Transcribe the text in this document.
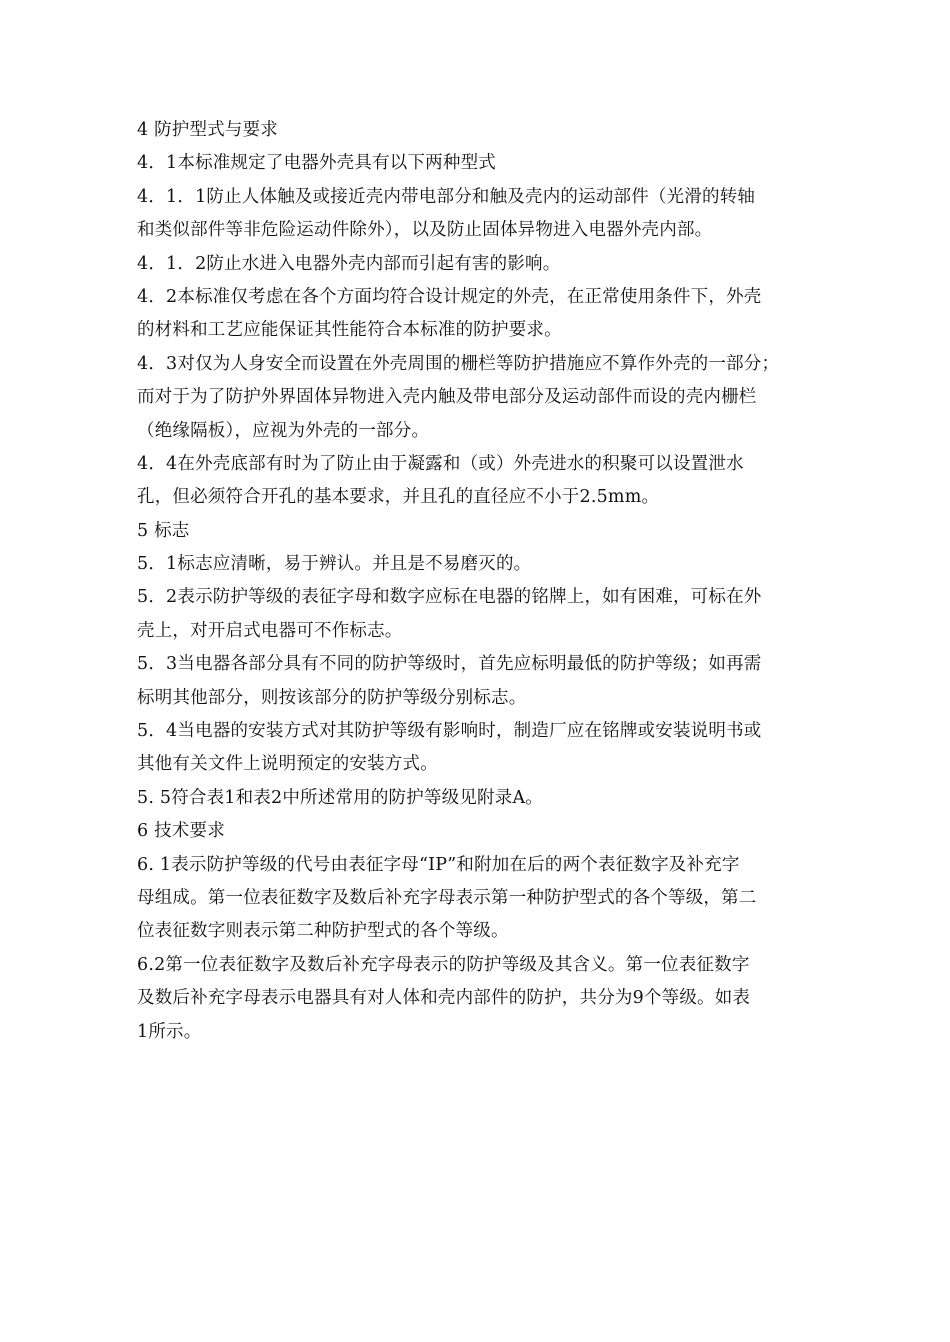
4 防护型式与要求
4．1本标准规定了电器外壳具有以下两种型式
4．1．1防止人体触及或接近壳内带电部分和触及壳内的运动部件（光滑的转轴
和类似部件等非危险运动件除外），以及防止固体异物进入电器外壳内部。
4．1．2防止水进入电器外壳内部而引起有害的影响。
4．2本标准仅考虑在各个方面均符合设计规定的外壳，在正常使用条件下，外壳
的材料和工艺应能保证其性能符合本标准的防护要求。
4．3对仅为人身安全而设置在外壳周围的栅栏等防护措施应不算作外壳的一部分；
而对于为了防护外界固体异物进入壳内触及带电部分及运动部件而设的壳内栅栏
（绝缘隔板），应视为外壳的一部分。
4．4在外壳底部有时为了防止由于凝露和（或）外壳进水的积聚可以设置泄水
孔，但必须符合开孔的基本要求，并且孔的直径应不小于2.5mm。
5 标志
5．1标志应清晰，易于辨认。并且是不易磨灭的。
5．2表示防护等级的表征字母和数字应标在电器的铭牌上，如有困难，可标在外
壳上，对开启式电器可不作标志。
5．3当电器各部分具有不同的防护等级时，首先应标明最低的防护等级；如再需
标明其他部分，则按该部分的防护等级分别标志。
5．4当电器的安装方式对其防护等级有影响时，制造厂应在铭牌或安装说明书或
其他有关文件上说明预定的安装方式。
5. 5符合表1和表2中所述常用的防护等级见附录A。
6 技术要求
6. 1表示防护等级的代号由表征字母“IP”和附加在后的两个表征数字及补充字
母组成。第一位表征数字及数后补充字母表示第一种防护型式的各个等级，第二
位表征数字则表示第二种防护型式的各个等级。
6.2第一位表征数字及数后补充字母表示的防护等级及其含义。第一位表征数字
及数后补充字母表示电器具有对人体和壳内部件的防护，共分为9个等级。如表
1所示。
